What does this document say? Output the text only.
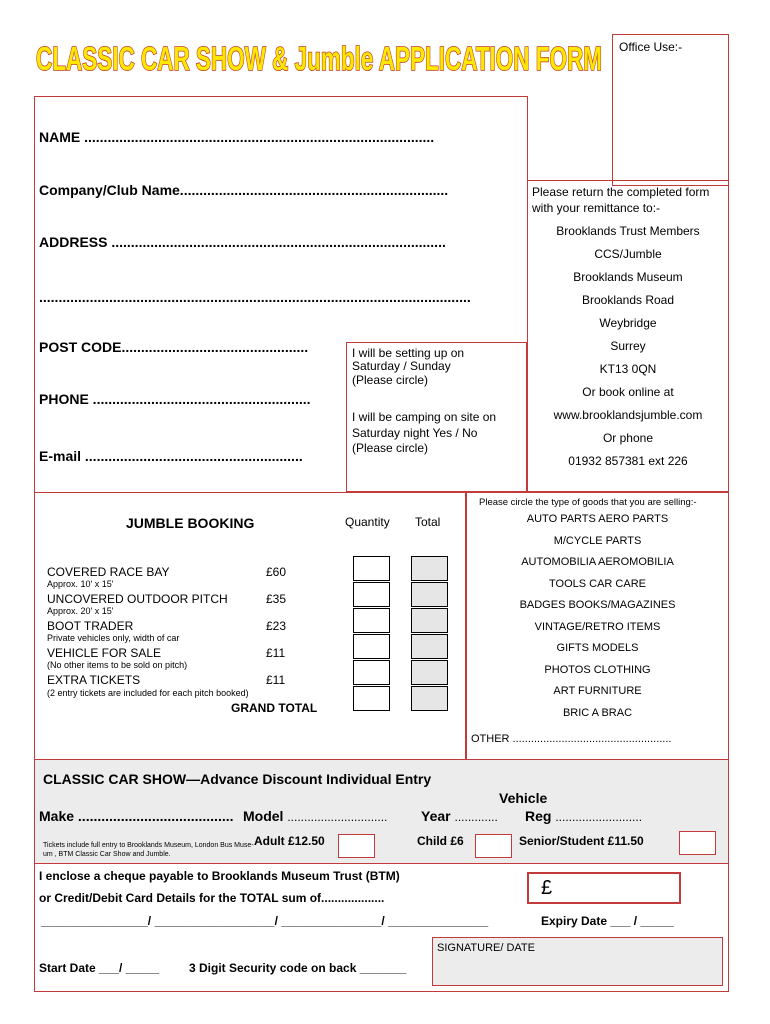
CLASSIC CAR SHOW & Jumble APPLICATION FORM	Office Use:-
NAME ..........................................................................................
Company/Club Name.....................................................................
ADDRESS ......................................................................................
...............................................................................................................
POST CODE................................................
PHONE ........................................................
E-mail ........................................................
I will be setting up on
Saturday / Sunday
(Please circle)
I will be camping on site on
Saturday night Yes / No
(Please circle)
Please return the completed form
with your remittance to:-
Brooklands Trust Members
CCS/Jumble
Brooklands Museum
Brooklands Road
Weybridge
Surrey
KT13 0QN
Or book online at
www.brooklandsjumble.com
Or phone
01932 857381 ext 226
JUMBLE BOOKING	Quantity Total
COVERED RACE BAY	£60
Approx. 10' x 15'
UNCOVERED OUTDOOR PITCH	£35
Approx. 20' x 15'
BOOT TRADER	£23
Private vehicles only, width of car
VEHICLE FOR SALE	£11
(No other items to be sold on pitch)
EXTRA TICKETS	£11
(2 entry tickets are included for each pitch booked)
GRAND TOTAL
Please circle the type of goods that you are selling:-
AUTO PARTS AERO PARTS
M/CYCLE PARTS
AUTOMOBILIA AEROMOBILIA
TOOLS CAR CARE
BADGES BOOKS/MAGAZINES
VINTAGE/RETRO ITEMS
GIFTS MODELS
PHOTOS CLOTHING
ART FURNITURE
BRIC A BRAC
OTHER ....................................................
CLASSIC CAR SHOW—Advance Discount Individual Entry
Vehicle
Make ........................................ Model .............................. Year ............. Reg ..........................
Tickets include full entry to Brooklands Museum, London Bus Muse-
um , BTM Classic Car Show and Jumble.
Adult £12.50	Child £6	Senior/Student £11.50
I enclose a cheque payable to Brooklands Museum Trust (BTM)
or Credit/Debit Card Details for the TOTAL sum of...................	£
________________/ __________________/ _______________/ _______________	Expiry Date ___ / _____
SIGNATURE/ DATE
Start Date ___/ _____ 3 Digit Security code on back _______
